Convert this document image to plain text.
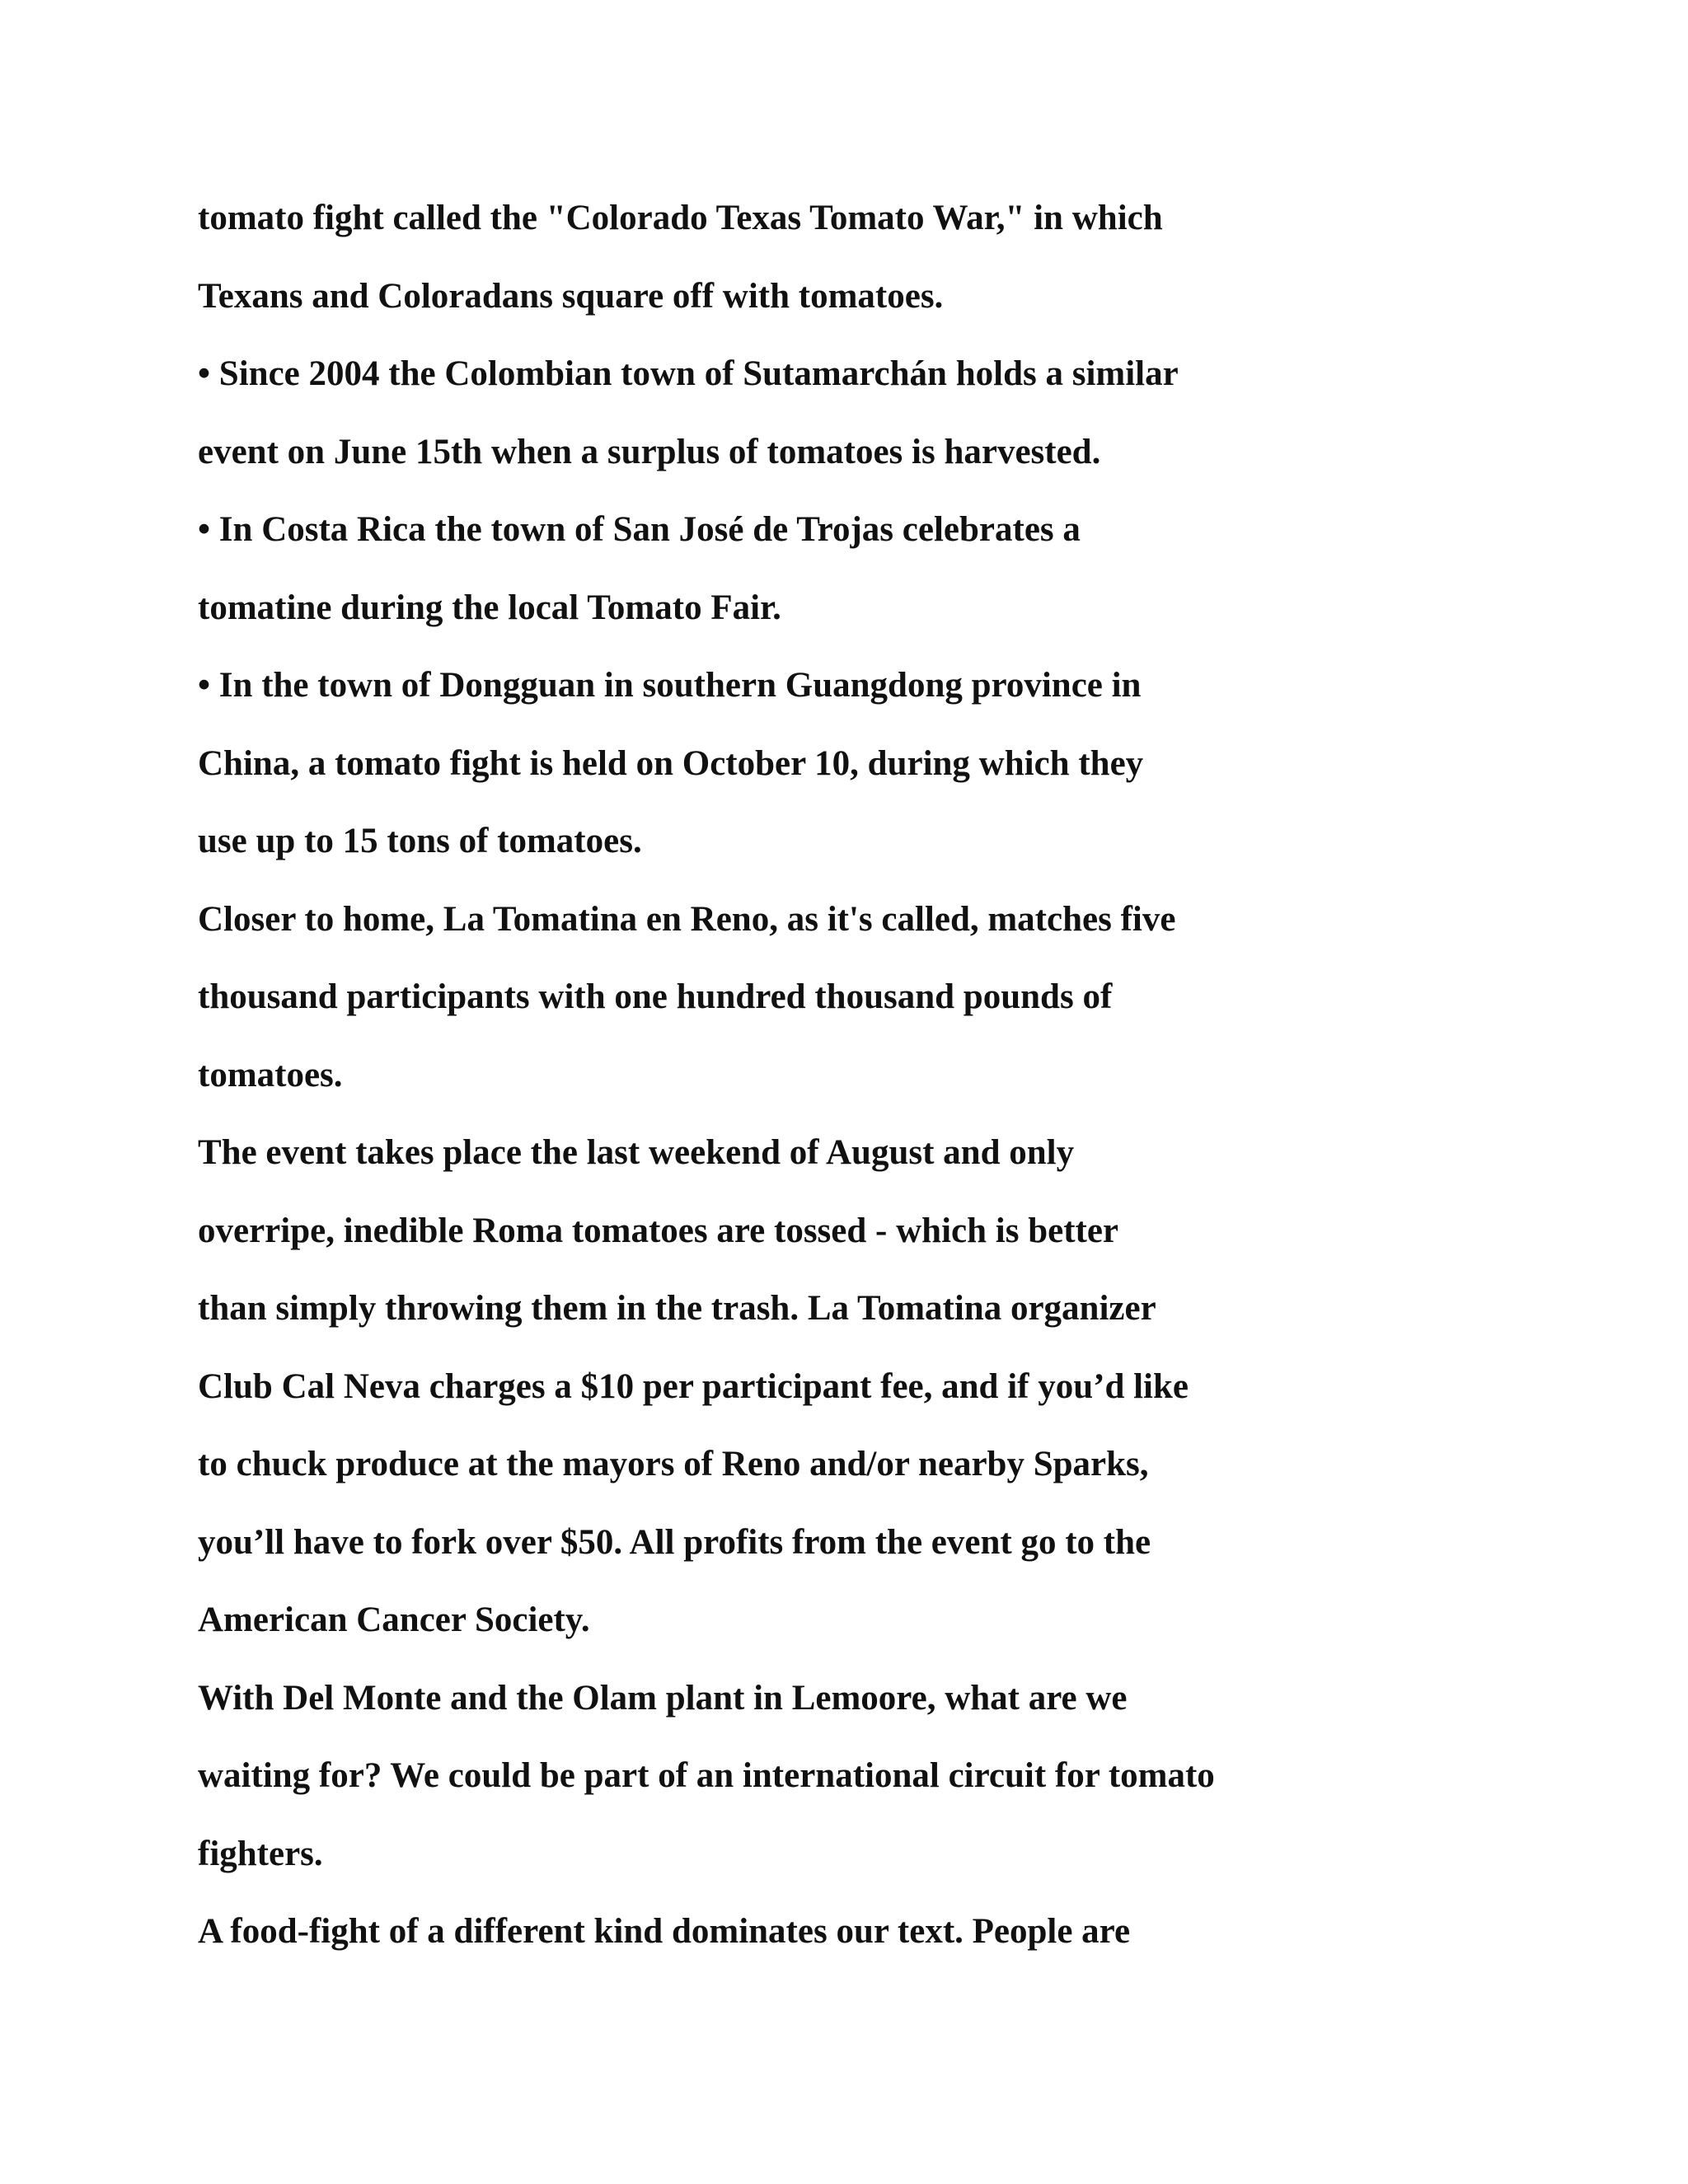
tomato fight called the "Colorado Texas Tomato War," in which
Texans and Coloradans square off with tomatoes.
• Since 2004 the Colombian town of Sutamarchán holds a similar
event on June 15th when a surplus of tomatoes is harvested.
• In Costa Rica the town of San José de Trojas celebrates a
tomatine during the local Tomato Fair.
• In the town of Dongguan in southern Guangdong province in
China, a tomato fight is held on October 10, during which they
use up to 15 tons of tomatoes.
Closer to home, La Tomatina en Reno, as it's called, matches five
thousand participants with one hundred thousand pounds of
tomatoes.
The event takes place the last weekend of August and only
overripe, inedible Roma tomatoes are tossed - which is better
than simply throwing them in the trash. La Tomatina organizer
Club Cal Neva charges a $10 per participant fee, and if you’d like
to chuck produce at the mayors of Reno and/or nearby Sparks,
you’ll have to fork over $50. All profits from the event go to the
American Cancer Society.
With Del Monte and the Olam plant in Lemoore, what are we
waiting for? We could be part of an international circuit for tomato
fighters.
A food-fight of a different kind dominates our text. People are
